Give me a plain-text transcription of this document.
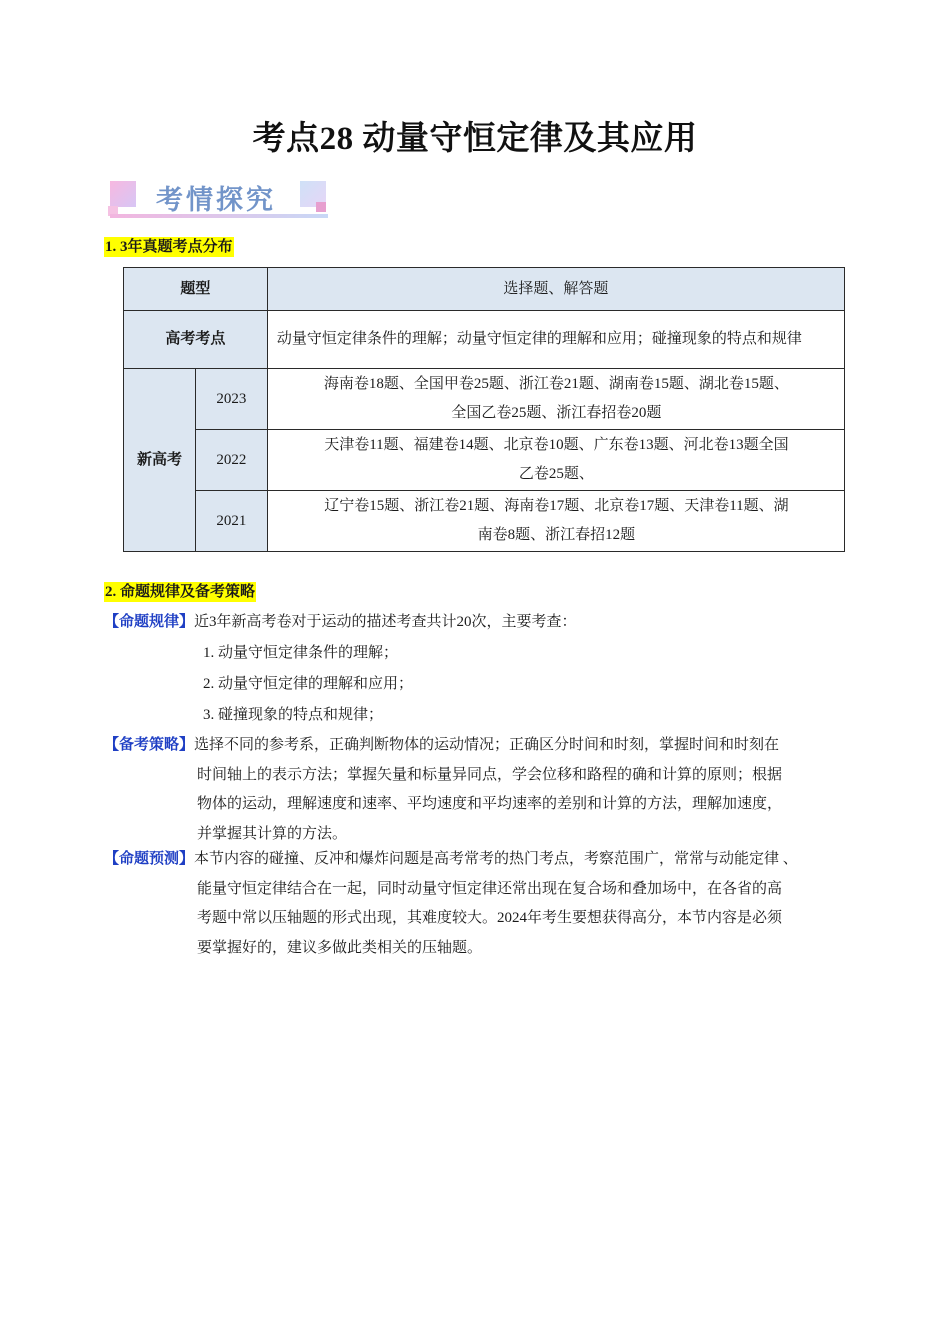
考点28 动量守恒定律及其应用
考情探究
1. 3年真题考点分布
题型		选择题、解答题
高考考点		动量守恒定律条件的理解；动量守恒定律的理解和应用；碰撞现象的特点和规律
新高考	2023	海南卷18题、全国甲卷25题、浙江卷21题、湖南卷15题、湖北卷15题、
全国乙卷25题、浙江春招卷20题
	2022	天津卷11题、福建卷14题、北京卷10题、广东卷13题、河北卷13题全国
乙卷25题、
	2021	辽宁卷15题、浙江卷21题、海南卷17题、北京卷17题、天津卷11题、湖
南卷8题、浙江春招12题
2. 命题规律及备考策略
【命题规律】近3年新高考卷对于运动的描述考查共计20次，主要考查：
1. 动量守恒定律条件的理解；
2. 动量守恒定律的理解和应用；
3. 碰撞现象的特点和规律；
【备考策略】选择不同的参考系，正确判断物体的运动情况；正确区分时间和时刻，掌握时间和时刻在
时间轴上的表示方法；掌握矢量和标量异同点，学会位移和路程的确和计算的原则；根据
物体的运动，理解速度和速率、平均速度和平均速率的差别和计算的方法，理解加速度，
并掌握其计算的方法。
【命题预测】本节内容的碰撞、反冲和爆炸问题是高考常考的热门考点，考察范围广，常常与动能定律 、
能量守恒定律结合在一起，同时动量守恒定律还常出现在复合场和叠加场中，在各省的高
考题中常以压轴题的形式出现，其难度较大。2024年考生要想获得高分，本节内容是必须
要掌握好的，建议多做此类相关的压轴题。
